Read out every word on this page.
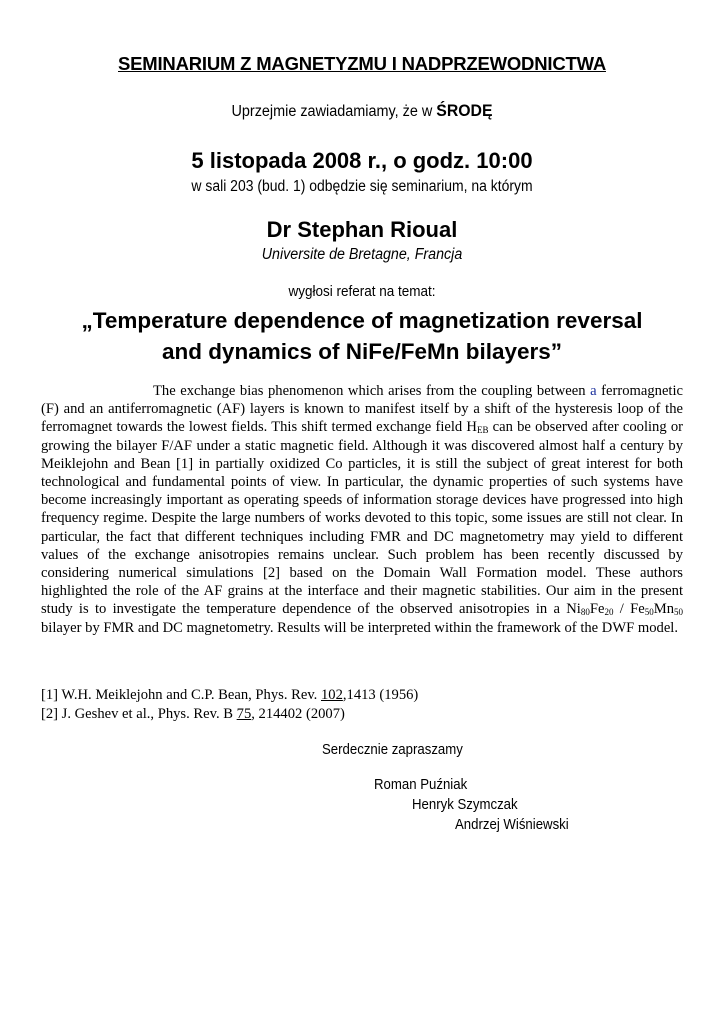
SEMINARIUM Z MAGNETYZMU I NADPRZEWODNICTWA
Uprzejmie zawiadamiamy, że w ŚRODĘ
5 listopada 2008 r., o godz. 10:00
w sali 203 (bud. 1) odbędzie się seminarium, na którym
Dr Stephan Rioual
Universite de Bretagne, Francja
wygłosi referat na temat:
„Temperature dependence of magnetization reversal
and dynamics of NiFe/FeMn bilayers”

The exchange bias phenomenon which arises from the coupling between a ferromagnetic (F) and an antiferromagnetic (AF) layers is known to manifest itself by a shift of the hysteresis loop of the ferromagnet towards the lowest fields. This shift termed exchange field $H_{EB}$ can be observed after cooling or growing the bilayer F/AF under a static magnetic field. Although it was discovered almost half a century by Meiklejohn and Bean [1] in partially oxidized Co particles, it is still the subject of great interest for both technological and fundamental points of view. In particular, the dynamic properties of such systems have become increasingly important as operating speeds of information storage devices have progressed into high frequency regime. Despite the large numbers of works devoted to this topic, some issues are still not clear. In particular, the fact that different techniques including FMR and DC magnetometry may yield to different values of the exchange anisotropies remains unclear. Such problem has been recently discussed by considering numerical simulations [2] based on the Domain Wall Formation model. These authors highlighted the role of the AF grains at the interface and their magnetic stabilities. Our aim in the present study is to investigate the temperature dependence of the observed anisotropies in a $Ni_{80}Fe_{20} / Fe_{50}Mn_{50}$ bilayer by FMR and DC magnetometry. Results will be interpreted within the framework of the DWF model.

[1] W.H. Meiklejohn and C.P. Bean, Phys. Rev. 102,1413 (1956)
[2] J. Geshev et al., Phys. Rev. B 75, 214402 (2007)
Serdecznie zapraszamy
Roman Puźniak
Henryk Szymczak
Andrzej Wiśniewski
